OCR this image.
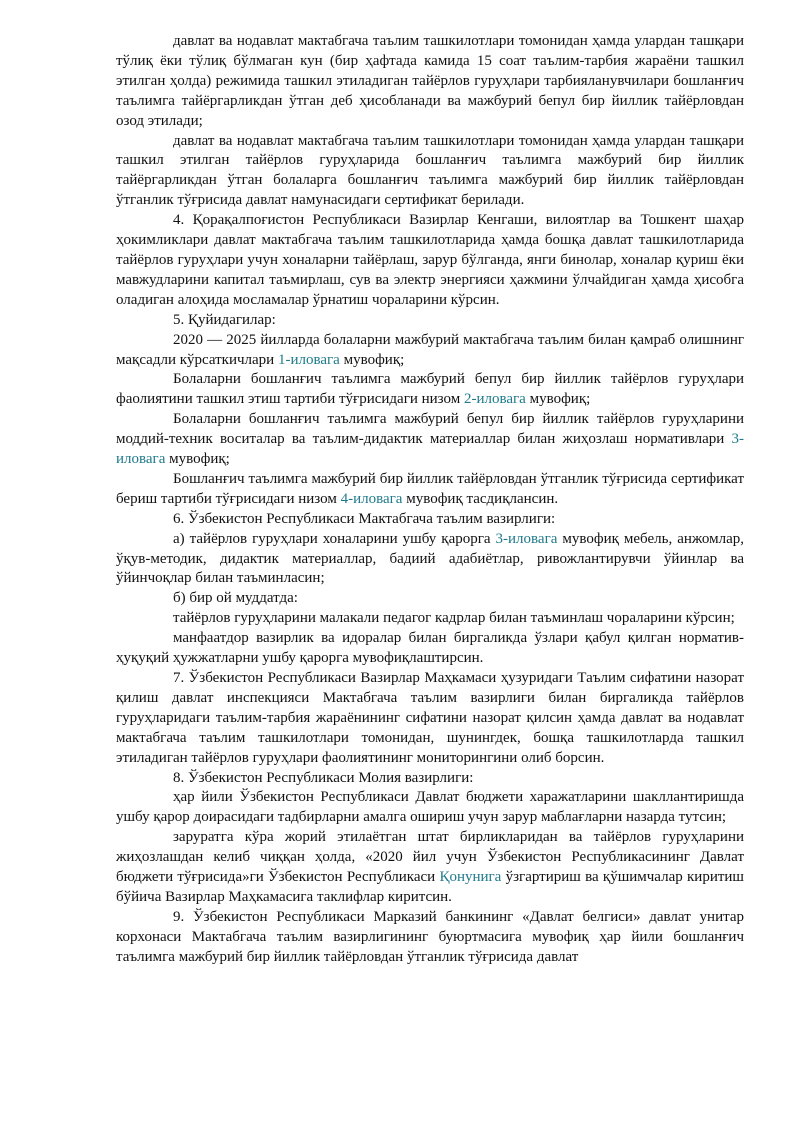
давлат ва нодавлат мактабгача таълим ташкилотлари томонидан ҳамда улардан ташқари тўлиқ ёки тўлиқ бўлмаган кун (бир ҳафтада камида 15 соат таълим-тарбия жараёни ташкил этилган ҳолда) режимида ташкил этиладиган тайёрлов гуруҳлари тарбияланувчилари бошланғич таълимга тайёргарликдан ўтган деб ҳисобланади ва мажбурий бепул бир йиллик тайёрловдан озод этилади;

давлат ва нодавлат мактабгача таълим ташкилотлари томонидан ҳамда улардан ташқари ташкил этилган тайёрлов гуруҳларида бошланғич таълимга мажбурий бир йиллик тайёргарликдан ўтган болаларга бошланғич таълимга мажбурий бир йиллик тайёрловдан ўтганлик тўғрисида давлат намунасидаги сертификат берилади.

4. Қорақалпоғистон Республикаси Вазирлар Кенгаши, вилоятлар ва Тошкент шаҳар ҳокимликлари давлат мактабгача таълим ташкилотларида ҳамда бошқа давлат ташкилотларида тайёрлов гуруҳлари учун хоналарни тайёрлаш, зарур бўлганда, янги бинолар, хоналар қуриш ёки мавжудларини капитал таъмирлаш, сув ва электр энергияси ҳажмини ўлчайдиган ҳамда ҳисобга оладиган алоҳида мосламалар ўрнатиш чораларини кўрсин.

5. Қуйидагилар:

2020 — 2025 йилларда болаларни мажбурий мактабгача таълим билан қамраб олишнинг мақсадли кўрсаткичлари 1-иловага мувофиқ;

Болаларни бошланғич таълимга мажбурий бепул бир йиллик тайёрлов гуруҳлари фаолиятини ташкил этиш тартиби тўғрисидаги низом 2-иловага мувофиқ;

Болаларни бошланғич таълимга мажбурий бепул бир йиллик тайёрлов гуруҳларини моддий-техник воситалар ва таълим-дидактик материаллар билан жиҳозлаш нормативлари 3-иловага мувофиқ;

Бошланғич таълимга мажбурий бир йиллик тайёрловдан ўтганлик тўғрисида сертификат бериш тартиби тўғрисидаги низом 4-иловага мувофиқ тасдиқлансин.

6. Ўзбекистон Республикаси Мактабгача таълим вазирлиги:

а) тайёрлов гуруҳлари хоналарини ушбу қарорга 3-иловага мувофиқ мебель, анжомлар, ўқув-методик, дидактик материаллар, бадиий адабиётлар, ривожлантирувчи ўйинлар ва ўйинчоқлар билан таъминласин;

б) бир ой муддатда:

тайёрлов гуруҳларини малакали педагог кадрлар билан таъминлаш чораларини кўрсин;

манфаатдор вазирлик ва идоралар билан биргаликда ўзлари қабул қилган норматив-ҳуқуқий ҳужжатларни ушбу қарорга мувофиқлаштирсин.

7. Ўзбекистон Республикаси Вазирлар Маҳкамаси ҳузуридаги Таълим сифатини назорат қилиш давлат инспекцияси Мактабгача таълим вазирлиги билан биргаликда тайёрлов гуруҳларидаги таълим-тарбия жараёнининг сифатини назорат қилсин ҳамда давлат ва нодавлат мактабгача таълим ташкилотлари томонидан, шунингдек, бошқа ташкилотларда ташкил этиладиган тайёрлов гуруҳлари фаолиятининг мониторингини олиб борсин.

8. Ўзбекистон Республикаси Молия вазирлиги:

ҳар йили Ўзбекистон Республикаси Давлат бюджети харажатларини шакллантиришда ушбу қарор доирасидаги тадбирларни амалга ошириш учун зарур маблағларни назарда тутсин;

заруратга кўра жорий этилаётган штат бирликларидан ва тайёрлов гуруҳларини жиҳозлашдан келиб чиққан ҳолда, «2020 йил учун Ўзбекистон Республикасининг Давлат бюджети тўғрисида»ги Ўзбекистон Республикаси Қонунига ўзгартириш ва қўшимчалар киритиш бўйича Вазирлар Маҳкамасига таклифлар киритсин.

9. Ўзбекистон Республикаси Марказий банкининг «Давлат белгиси» давлат унитар корхонаси Мактабгача таълим вазирлигининг буюртмасига мувофиқ ҳар йили бошланғич таълимга мажбурий бир йиллик тайёрловдан ўтганлик тўғрисида давлат
